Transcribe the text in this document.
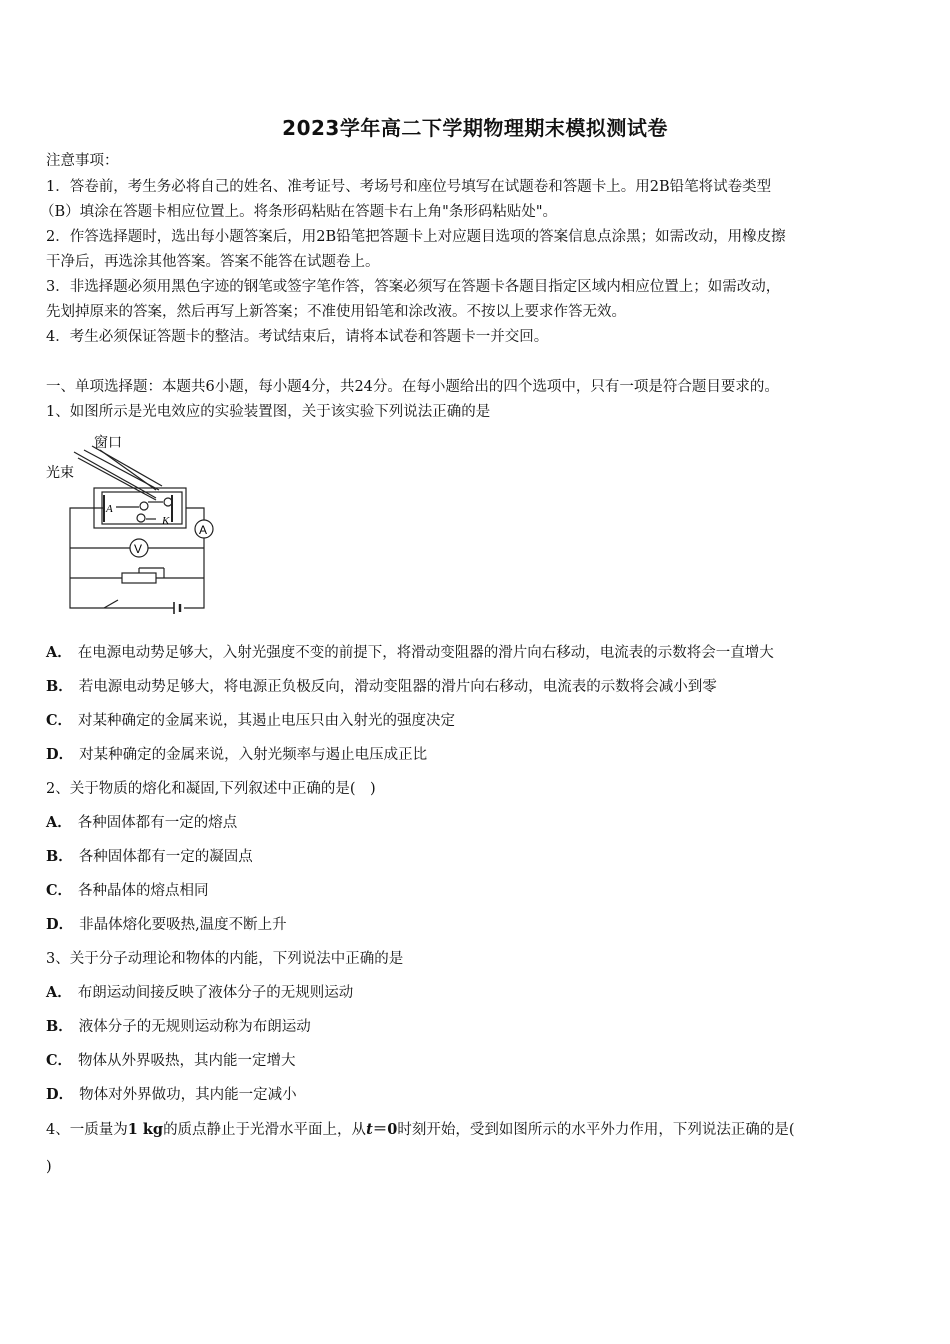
2023学年高二下学期物理期末模拟测试卷
注意事项：
1．答卷前，考生务必将自己的姓名、准考证号、考场号和座位号填写在试题卷和答题卡上。用2B铅笔将试卷类型
（B）填涂在答题卡相应位置上。将条形码粘贴在答题卡右上角"条形码粘贴处"。
2．作答选择题时，选出每小题答案后，用2B铅笔把答题卡上对应题目选项的答案信息点涂黑；如需改动，用橡皮擦
干净后，再选涂其他答案。答案不能答在试题卷上。
3．非选择题必须用黑色字迹的钢笔或签字笔作答，答案必须写在答题卡各题目指定区域内相应位置上；如需改动，
先划掉原来的答案，然后再写上新答案；不准使用铅笔和涂改液。不按以上要求作答无效。
4．考生必须保证答题卡的整洁。考试结束后，请将本试卷和答题卡一并交回。
一、单项选择题：本题共6小题，每小题4分，共24分。在每小题给出的四个选项中，只有一项是符合题目要求的。
1、如图所示是光电效应的实验装置图，关于该实验下列说法正确的是
窗口
光束
A
K
A
V
A． 在电源电动势足够大，入射光强度不变的前提下，将滑动变阻器的滑片向右移动，电流表的示数将会一直增大
B． 若电源电动势足够大，将电源正负极反向，滑动变阻器的滑片向右移动，电流表的示数将会减小到零
C． 对某种确定的金属来说，其遏止电压只由入射光的强度决定
D． 对某种确定的金属来说，入射光频率与遏止电压成正比
2、关于物质的熔化和凝固,下列叙述中正确的是(　)
A． 各种固体都有一定的熔点
B． 各种固体都有一定的凝固点
C． 各种晶体的熔点相同
D． 非晶体熔化要吸热,温度不断上升
3、关于分子动理论和物体的内能，下列说法中正确的是
A． 布朗运动间接反映了液体分子的无规则运动
B． 液体分子的无规则运动称为布朗运动
C． 物体从外界吸热，其内能一定增大
D． 物体对外界做功，其内能一定减小
4、一质量为1 kg的质点静止于光滑水平面上，从t＝0时刻开始，受到如图所示的水平外力作用，下列说法正确的是(
)
